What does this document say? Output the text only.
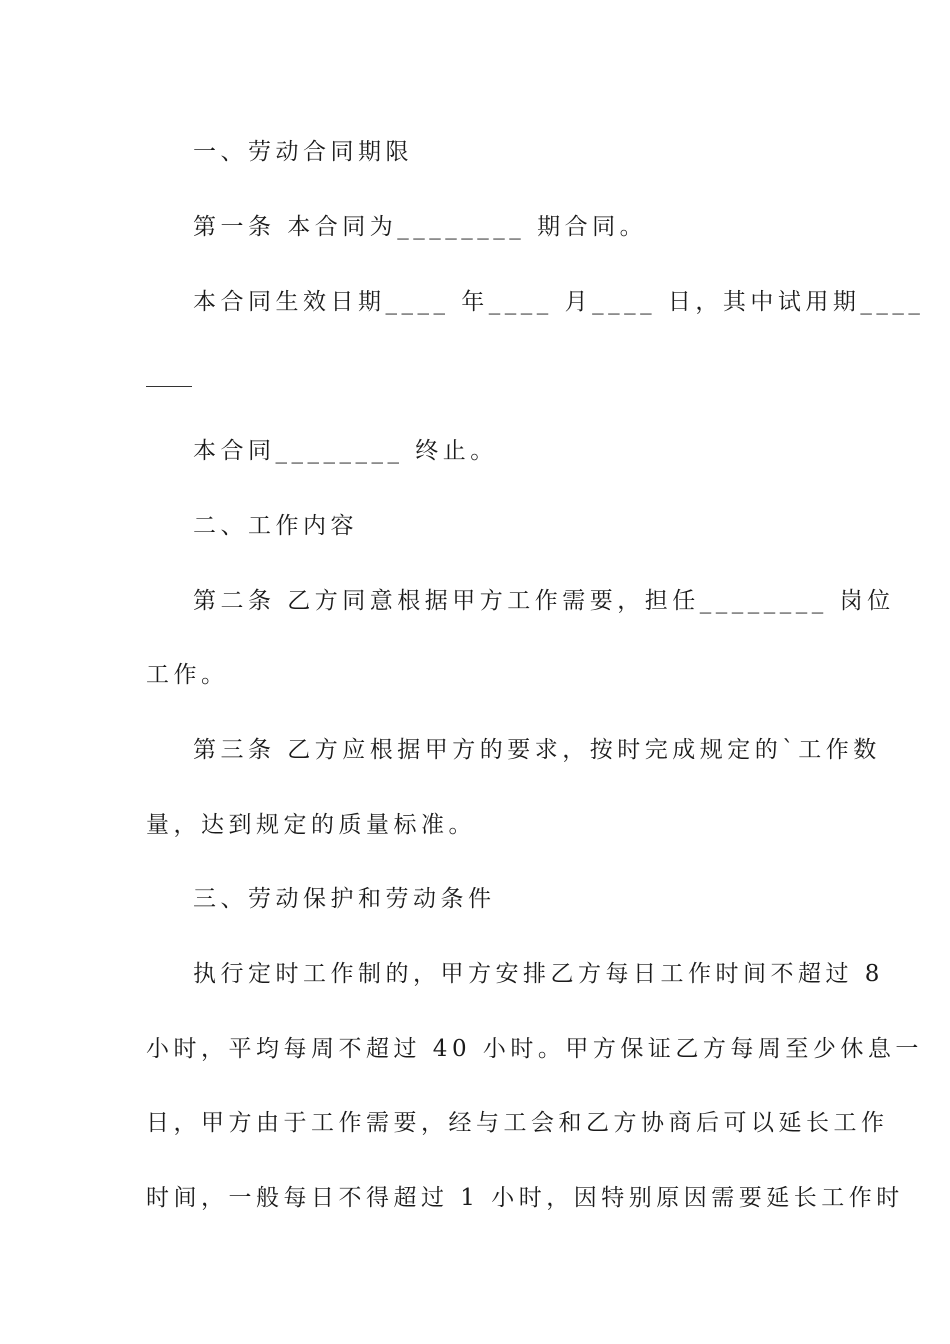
一、劳动合同期限
第一条 本合同为________ 期合同。
本合同生效日期____ 年____ 月____ 日，其中试用期____
本合同________ 终止。
二、工作内容
第二条 乙方同意根据甲方工作需要，担任________ 岗位
工作。
第三条 乙方应根据甲方的要求，按时完成规定的`工作数
量，达到规定的质量标准。
三、劳动保护和劳动条件
执行定时工作制的，甲方安排乙方每日工作时间不超过 8
小时，平均每周不超过 40 小时。甲方保证乙方每周至少休息一
日，甲方由于工作需要，经与工会和乙方协商后可以延长工作
时间，一般每日不得超过 1 小时，因特别原因需要延长工作时
